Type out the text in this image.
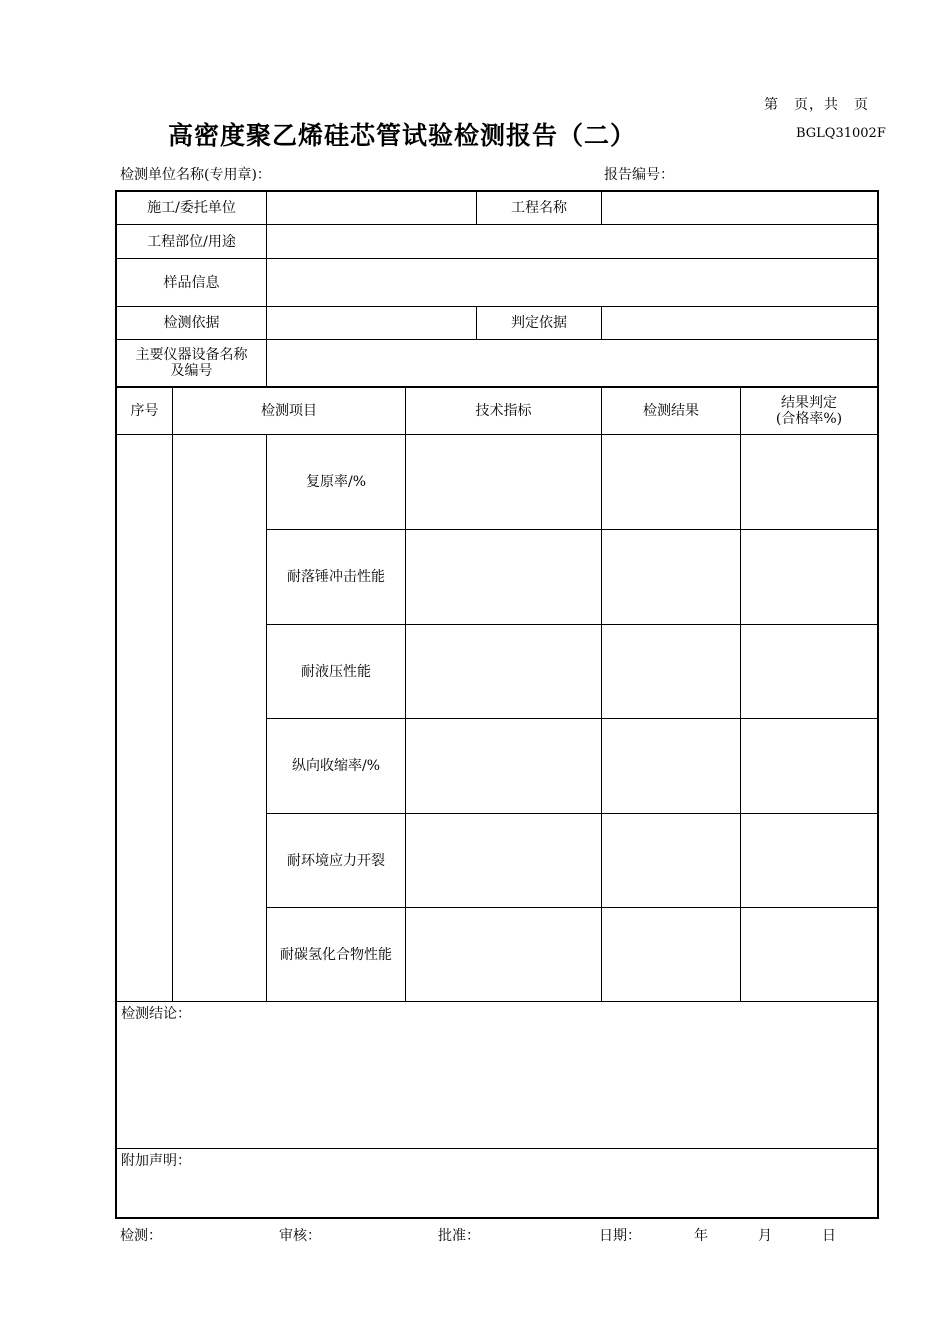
第　页，共　页
高密度聚乙烯硅芯管试验检测报告（二）	BGLQ31002F
检测单位名称(专用章)：	报告编号：
施工/委托单位	工程名称
工程部位/用途
样品信息
检测依据	判定依据
主要仪器设备名称
及编号
序号	检测项目	技术指标	检测结果	结果判定
(合格率%)
复原率/%
耐落锤冲击性能
耐液压性能
纵向收缩率/%
耐环境应力开裂
耐碳氢化合物性能
检测结论：
附加声明：
检测：	审核：	批准：	日期：	年	月	日
